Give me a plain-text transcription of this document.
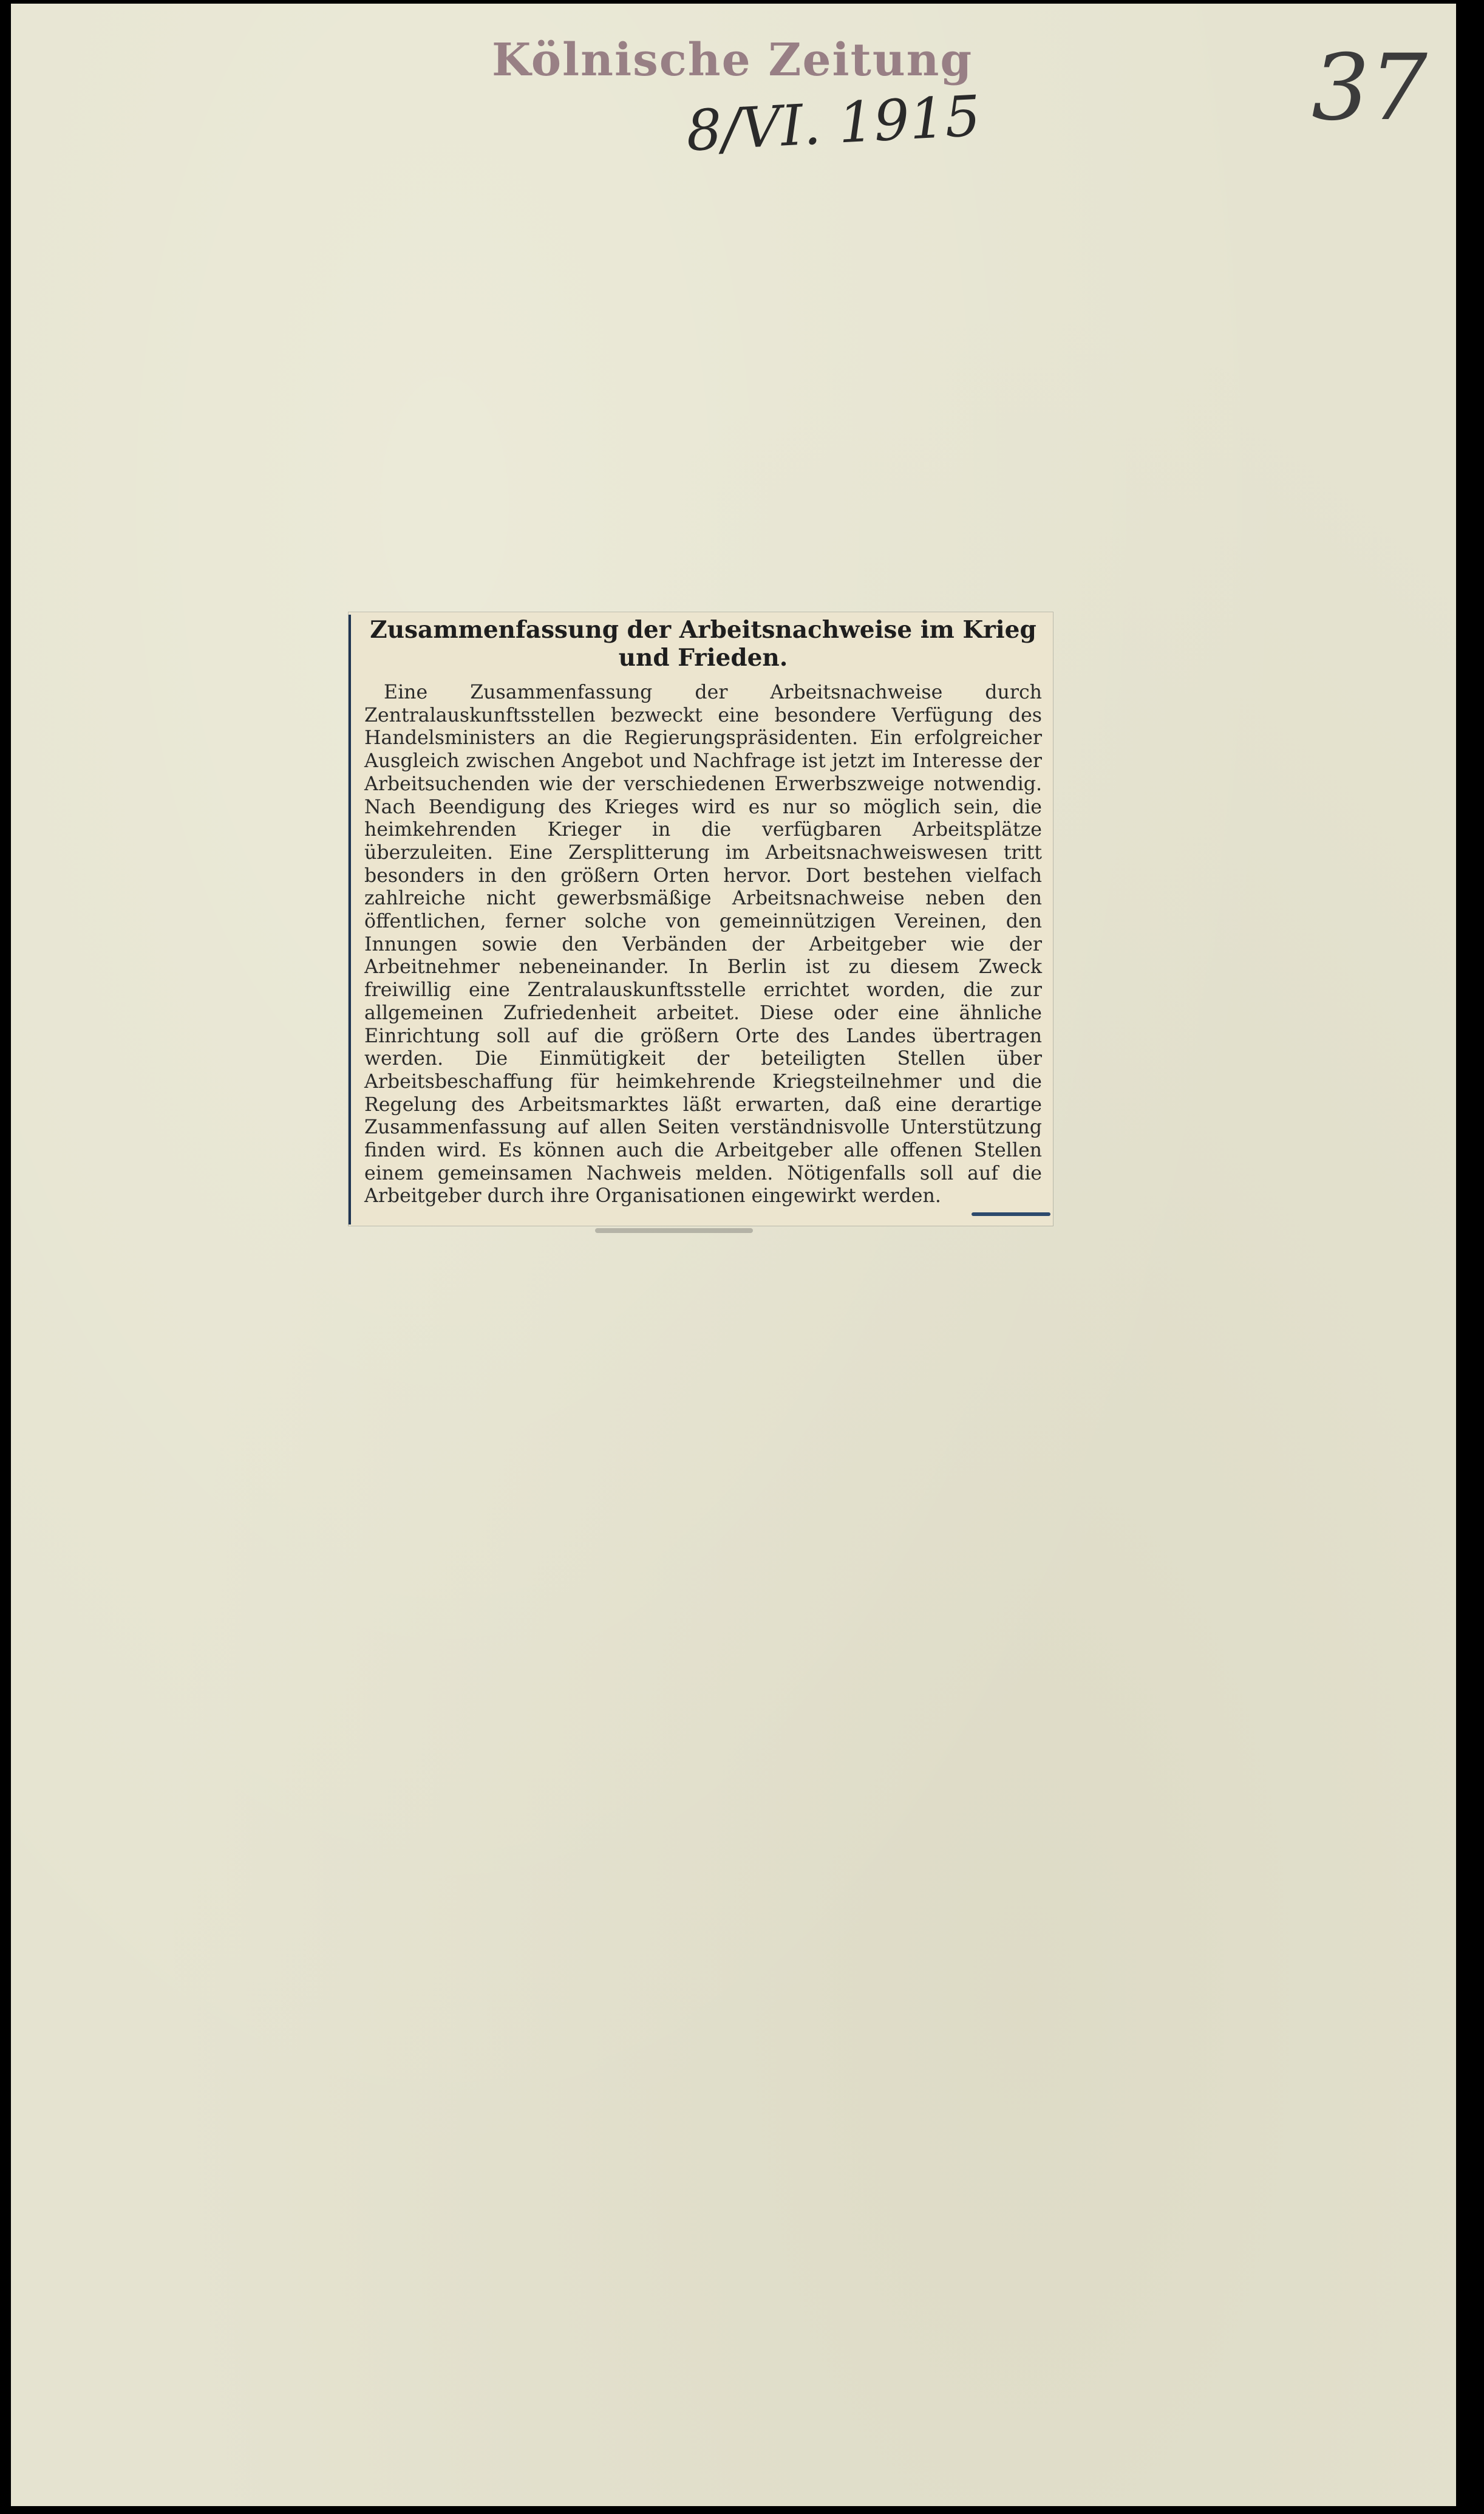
Kölnische Zeitung
8/VI. 1915	37
Zusammenfassung der Arbeitsnachweise im Krieg und Frieden.

Eine Zusammenfassung der Arbeitsnachweise durch Zentralauskunftsstellen bezweckt eine besondere Verfügung des Handelsministers an die Regierungspräsidenten. Ein erfolgreicher Ausgleich zwischen Angebot und Nachfrage ist jetzt im Interesse der Arbeitsuchenden wie der verschiedenen Erwerbszweige notwendig. Nach Beendigung des Krieges wird es nur so möglich sein, die heimkehrenden Krieger in die verfügbaren Arbeitsplätze überzuleiten. Eine Zersplitterung im Arbeitsnachweiswesen tritt besonders in den größern Orten hervor. Dort bestehen vielfach zahlreiche nicht gewerbsmäßige Arbeitsnachweise neben den öffentlichen, ferner solche von gemeinnützigen Vereinen, den Innungen sowie den Verbänden der Arbeitgeber wie der Arbeitnehmer nebeneinander. In Berlin ist zu diesem Zweck freiwillig eine Zentralauskunftsstelle errichtet worden, die zur allgemeinen Zufriedenheit arbeitet. Diese oder eine ähnliche Einrichtung soll auf die größern Orte des Landes übertragen werden. Die Einmütigkeit der beteiligten Stellen über Arbeitsbeschaffung für heimkehrende Kriegsteilnehmer und die Regelung des Arbeitsmarktes läßt erwarten, daß eine derartige Zusammenfassung auf allen Seiten verständnisvolle Unterstützung finden wird. Es können auch die Arbeitgeber alle offenen Stellen einem gemeinsamen Nachweis melden. Nötigenfalls soll auf die Arbeitgeber durch ihre Organisationen eingewirkt werden.
